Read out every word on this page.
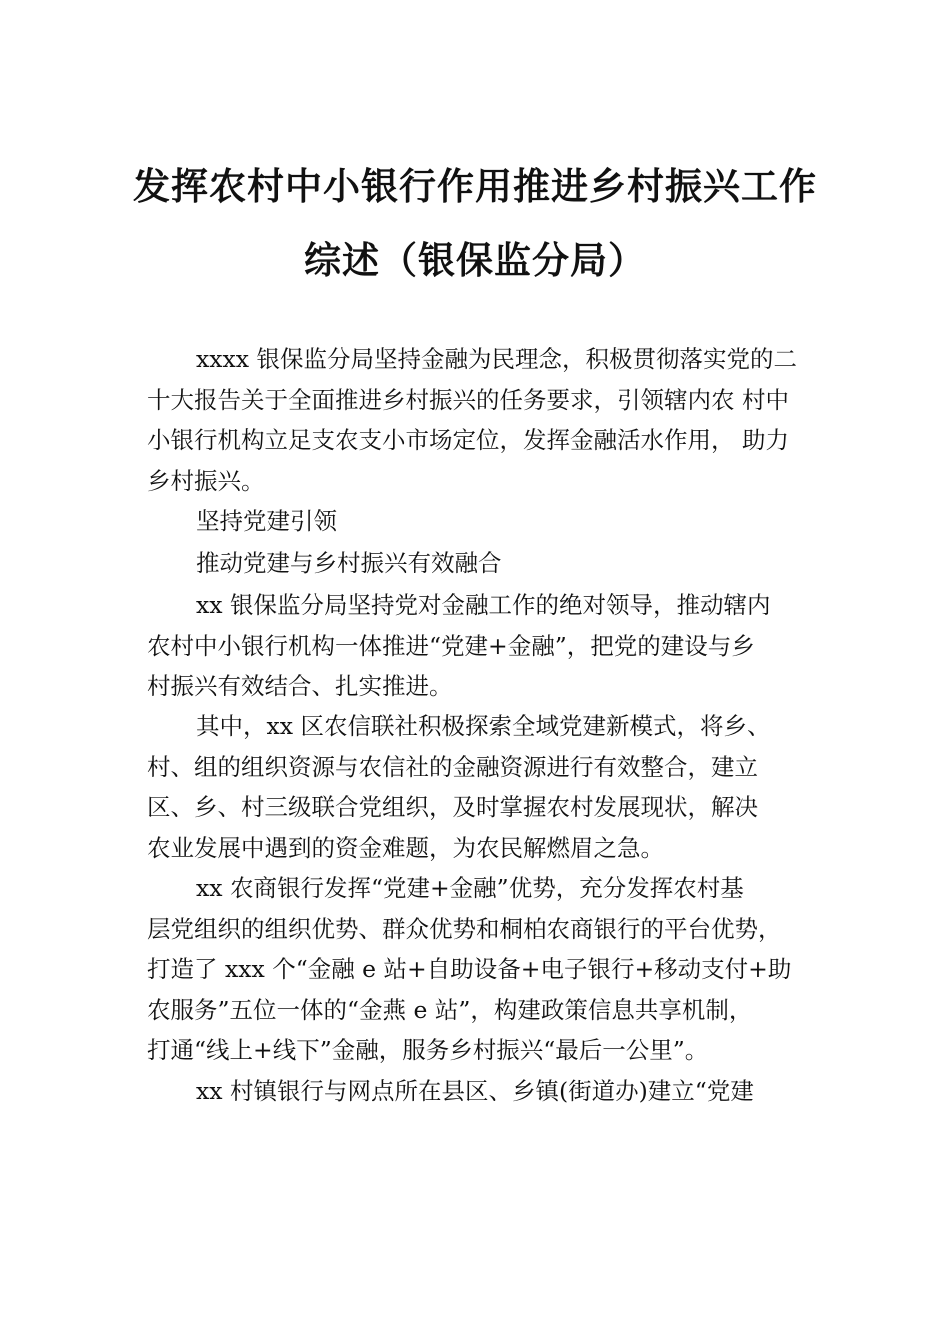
发挥农村中小银行作用推进乡村振兴工作
综述（银保监分局）
xxxx 银保监分局坚持金融为民理念，积极贯彻落实党的二
十大报告关于全面推进乡村振兴的任务要求，引领辖内农 村中
小银行机构立足支农支小市场定位，发挥金融活水作用， 助力
乡村振兴。
坚持党建引领
推动党建与乡村振兴有效融合
xx 银保监分局坚持党对金融工作的绝对领导，推动辖内
农村中小银行机构一体推进“党建+金融”，把党的建设与乡
村振兴有效结合、扎实推进。
其中，xx 区农信联社积极探索全域党建新模式，将乡、
村、组的组织资源与农信社的金融资源进行有效整合，建立
区、乡、村三级联合党组织，及时掌握农村发展现状，解决
农业发展中遇到的资金难题，为农民解燃眉之急。
xx 农商银行发挥“党建+金融”优势，充分发挥农村基
层党组织的组织优势、群众优势和桐柏农商银行的平台优势，
打造了 xxx 个“金融 e 站+自助设备+电子银行+移动支付+助
农服务”五位一体的“金燕 e 站”，构建政策信息共享机制，
打通“线上+线下”金融，服务乡村振兴“最后一公里”。
xx 村镇银行与网点所在县区、乡镇(街道办)建立“党建
